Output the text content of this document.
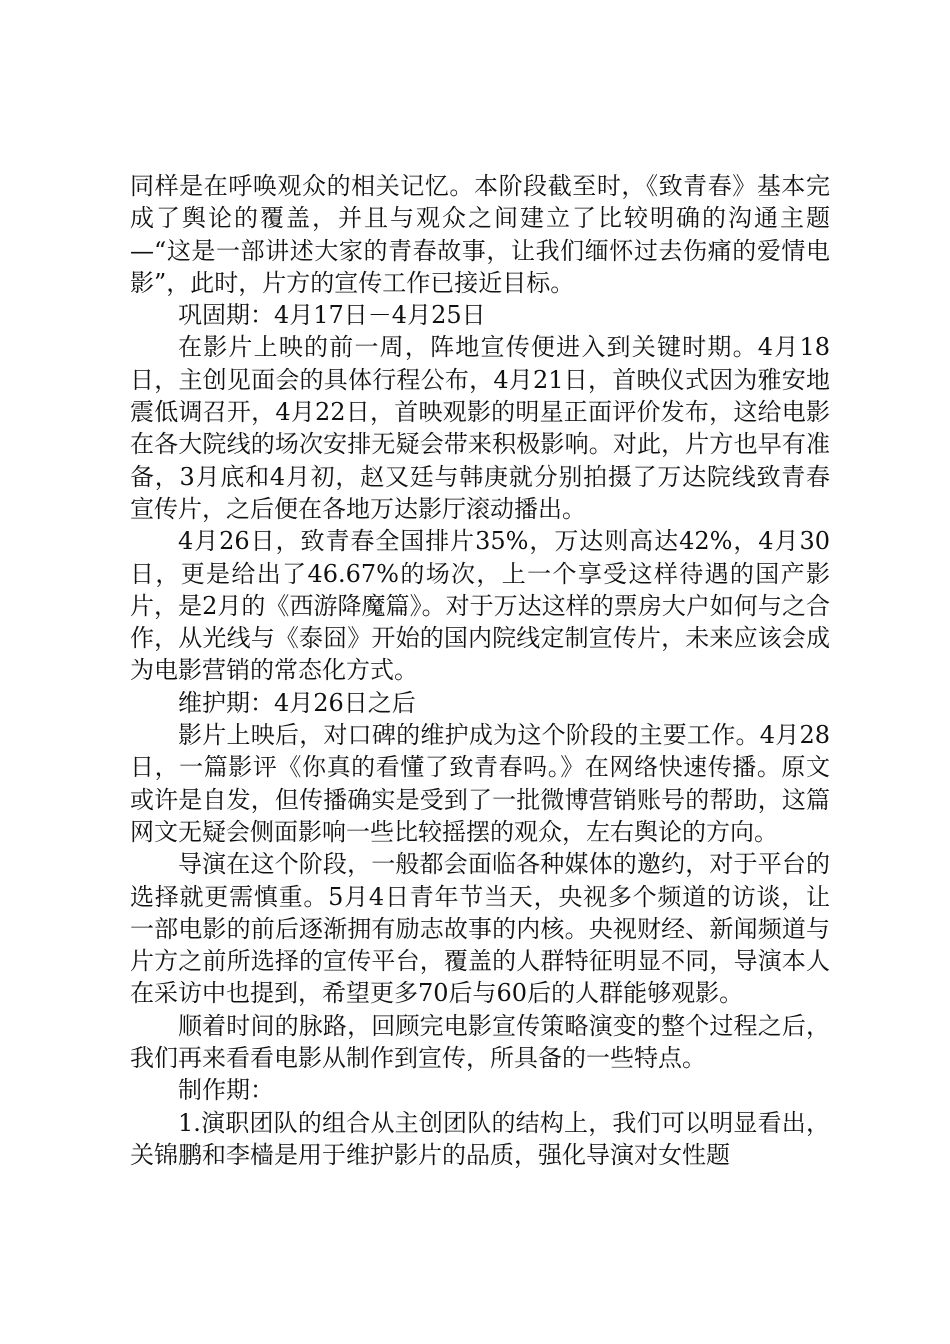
同样是在呼唤观众的相关记忆。本阶段截至时，《致青春》基本完成了舆论的覆盖，并且与观众之间建立了比较明确的沟通主题—“这是一部讲述大家的青春故事，让我们缅怀过去伤痛的爱情电影”，此时，片方的宣传工作已接近目标。

巩固期：4月17日－4月25日

在影片上映的前一周，阵地宣传便进入到关键时期。4月18日，主创见面会的具体行程公布，4月21日，首映仪式因为雅安地震低调召开，4月22日，首映观影的明星正面评价发布，这给电影在各大院线的场次安排无疑会带来积极影响。对此，片方也早有准备，3月底和4月初，赵又廷与韩庚就分别拍摄了万达院线致青春宣传片，之后便在各地万达影厅滚动播出。

4月26日，致青春全国排片35%，万达则高达42%，4月30日，更是给出了46.67%的场次，上一个享受这样待遇的国产影片，是2月的《西游降魔篇》。对于万达这样的票房大户如何与之合作，从光线与《泰囧》开始的国内院线定制宣传片，未来应该会成为电影营销的常态化方式。

维护期：4月26日之后

影片上映后，对口碑的维护成为这个阶段的主要工作。4月28日，一篇影评《你真的看懂了致青春吗。》在网络快速传播。原文或许是自发，但传播确实是受到了一批微博营销账号的帮助，这篇网文无疑会侧面影响一些比较摇摆的观众，左右舆论的方向。

导演在这个阶段，一般都会面临各种媒体的邀约，对于平台的选择就更需慎重。5月4日青年节当天，央视多个频道的访谈，让一部电影的前后逐渐拥有励志故事的内核。央视财经、新闻频道与片方之前所选择的宣传平台，覆盖的人群特征明显不同，导演本人在采访中也提到，希望更多70后与60后的人群能够观影。

顺着时间的脉路，回顾完电影宣传策略演变的整个过程之后，我们再来看看电影从制作到宣传，所具备的一些特点。

制作期：

1.演职团队的组合从主创团队的结构上，我们可以明显看出，关锦鹏和李樯是用于维护影片的品质，强化导演对女性题
